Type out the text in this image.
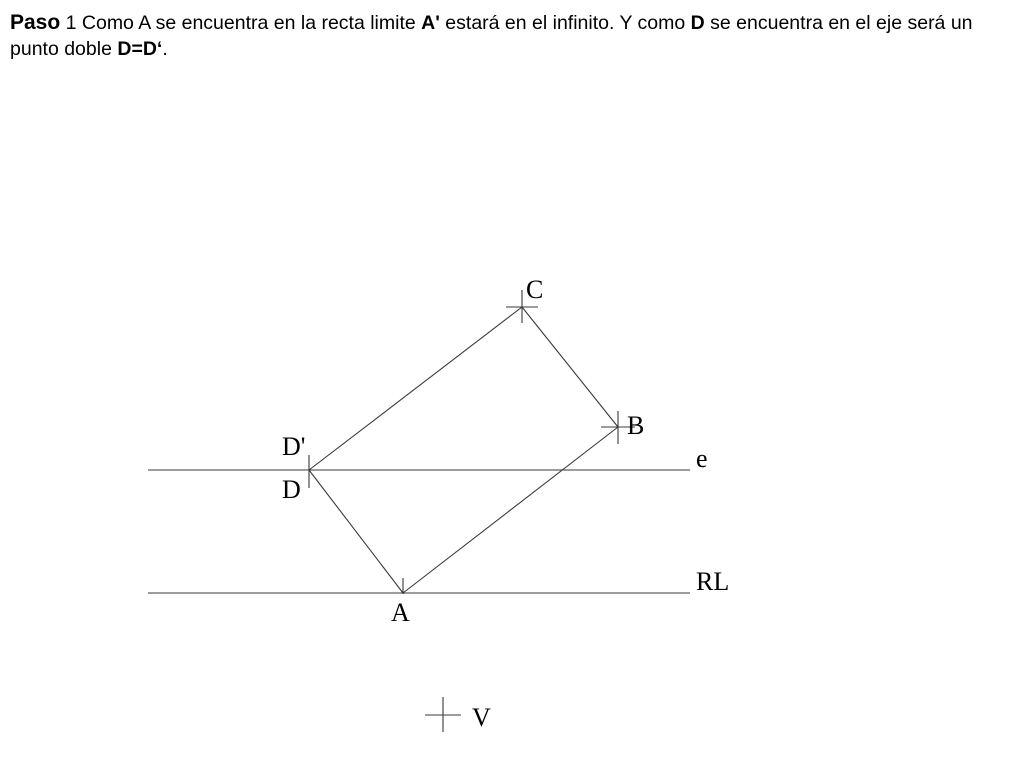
Paso 1 Como A se encuentra en la recta limite A' estará en el infinito. Y como D se encuentra en el eje será un punto doble D=D‘.

C
B
D'
D
e
RL
A
V
